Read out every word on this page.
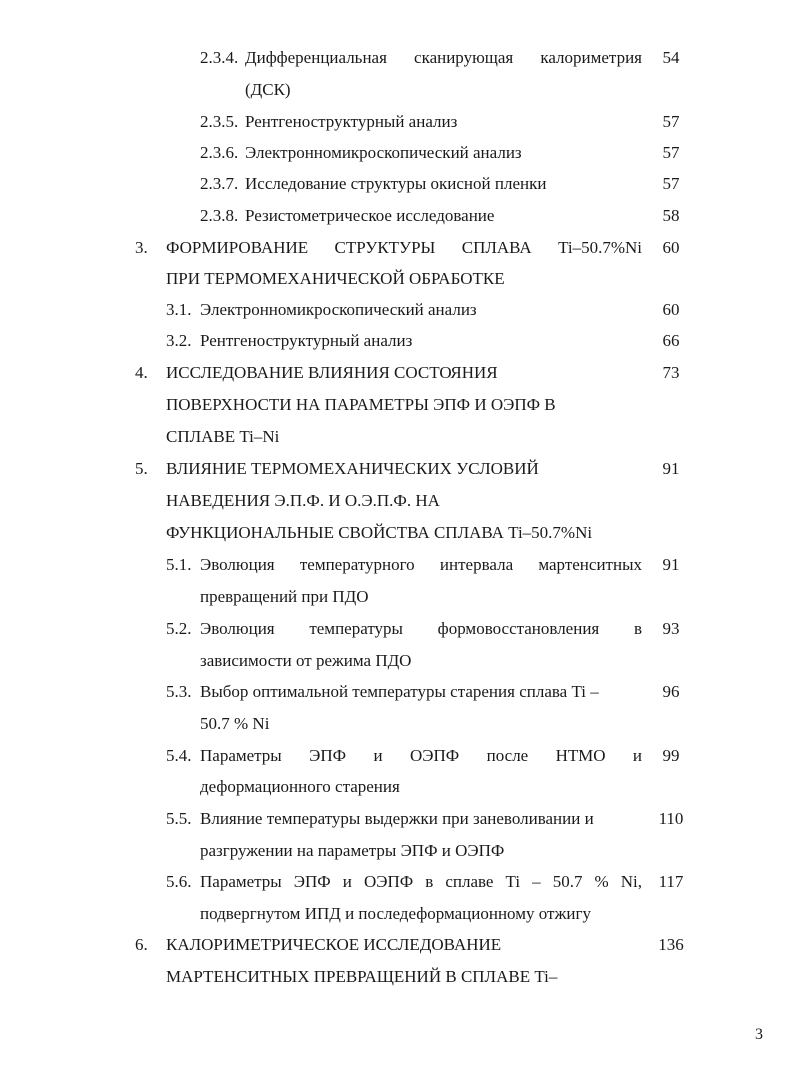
2.3.4. Дифференциальная сканирующая калориметрия	54
(ДСК)
2.3.5. Рентгеноструктурный анализ	57
2.3.6. Электронномикроскопический анализ	57
2.3.7. Исследование структуры окисной пленки	57
2.3.8. Резистометрическое исследование	58
3. ФОРМИРОВАНИЕ СТРУКТУРЫ СПЛАВА Ti–50.7%Ni	60
ПРИ ТЕРМОМЕХАНИЧЕСКОЙ ОБРАБОТКЕ
3.1. Электронномикроскопический анализ	60
3.2. Рентгеноструктурный анализ	66
4. ИССЛЕДОВАНИЕ ВЛИЯНИЯ СОСТОЯНИЯ	73
ПОВЕРХНОСТИ НА ПАРАМЕТРЫ ЭПФ И ОЭПФ В
СПЛАВЕ Ti–Ni
5. ВЛИЯНИЕ ТЕРМОМЕХАНИЧЕСКИХ УСЛОВИЙ	91
НАВЕДЕНИЯ Э.П.Ф. И О.Э.П.Ф. НА
ФУНКЦИОНАЛЬНЫЕ СВОЙСТВА СПЛАВА Ti–50.7%Ni
5.1. Эволюция температурного интервала мартенситных	91
превращений при ПДО
5.2. Эволюция температуры формовосстановления в	93
зависимости от режима ПДО
5.3. Выбор оптимальной температуры старения сплава Ti –	96
50.7 % Ni
5.4. Параметры ЭПФ и ОЭПФ после НТМО и	99
деформационного старения
5.5. Влияние температуры выдержки при заневоливании и	110
разгружении на параметры ЭПФ и ОЭПФ
5.6. Параметры ЭПФ и ОЭПФ в сплаве Ti – 50.7 % Ni, 117
подвергнутом ИПД и последеформационному отжигу
6. КАЛОРИМЕТРИЧЕСКОЕ ИССЛЕДОВАНИЕ	136
МАРТЕНСИТНЫХ ПРЕВРАЩЕНИЙ В СПЛАВЕ Ti–
3
